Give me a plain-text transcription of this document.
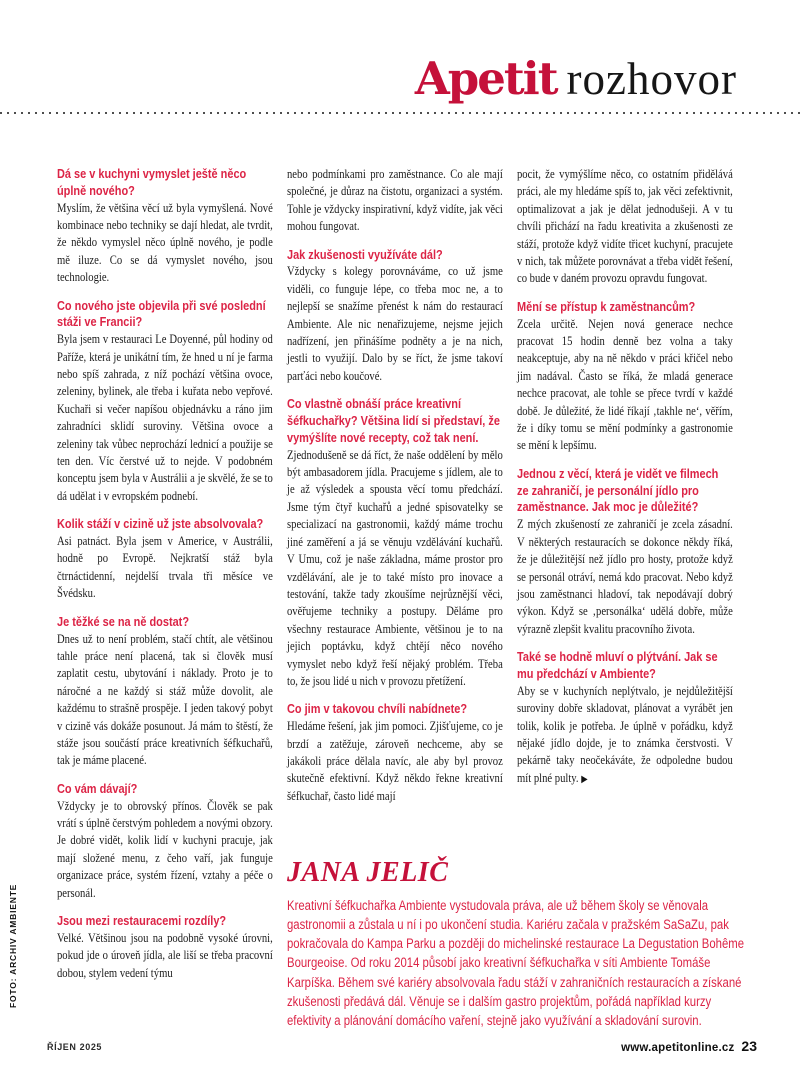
Apetit rozhovor
Dá se v kuchyni vymyslet ještě něco úplně nového?
Myslím, že většina věcí už byla vymyšlená. Nové kombinace nebo techniky se dají hledat, ale tvrdit, že někdo vymyslel něco úplně nového, je podle mě iluze. Co se dá vymyslet nového, jsou technologie.
Co nového jste objevila při své poslední stáži ve Francii?
Byla jsem v restauraci Le Doyenné, půl hodiny od Paříže, která je unikátní tím, že hned u ní je farma nebo spíš zahrada, z níž pochází většina ovoce, zeleniny, bylinek, ale třeba i kuřata nebo vepřové. Kuchaři si večer napíšou objednávku a ráno jim zahradníci sklidí suroviny. Většina ovoce a zeleniny tak vůbec neprochází lednicí a použije se ten den. Víc čerstvé už to nejde. V podobném konceptu jsem byla v Austrálii a je skvělé, že se to dá udělat i v evropském podnebí.
Kolik stáží v cizině už jste absolvovala?
Asi patnáct. Byla jsem v Americe, v Austrálii, hodně po Evropě. Nejkratší stáž byla čtrnáctidenní, nejdelší trvala tři měsíce ve Švédsku.
Je těžké se na ně dostat?
Dnes už to není problém, stačí chtít, ale většinou tahle práce není placená, tak si člověk musí zaplatit cestu, ubytování i náklady. Proto je to náročné a ne každý si stáž může dovolit, ale každému to strašně prospěje. I jeden takový pobyt v cizině vás dokáže posunout. Já mám to štěstí, že stáže jsou součástí práce kreativních šéfkuchařů, tak je máme placené.
Co vám dávají?
Vždycky je to obrovský přínos. Člověk se pak vrátí s úplně čerstvým pohledem a novými obzory. Je dobré vidět, kolik lidí v kuchyni pracuje, jak mají složené menu, z čeho vaří, jak funguje organizace práce, systém řízení, vztahy a péče o personál.
Jsou mezi restauracemi rozdíly?
Velké. Většinou jsou na podobně vysoké úrovni, pokud jde o úroveň jídla, ale liší se třeba pracovní dobou, stylem vedení týmu
nebo podmínkami pro zaměstnance. Co ale mají společné, je důraz na čistotu, organizaci a systém. Tohle je vždycky inspirativní, když vidíte, jak věci mohou fungovat.
Jak zkušenosti využíváte dál?
Vždycky s kolegy porovnáváme, co už jsme viděli, co funguje lépe, co třeba moc ne, a to nejlepší se snažíme přenést k nám do restaurací Ambiente. Ale nic nenařizujeme, nejsme jejich nadřízení, jen přinášíme podněty a je na nich, jestli to využijí. Dalo by se říct, že jsme takoví parťáci nebo koučové.
Co vlastně obnáší práce kreativní šéfkuchařky? Většina lidí si představí, že vymýšlíte nové recepty, což tak není.
Zjednodušeně se dá říct, že naše oddělení by mělo být ambasadorem jídla. Pracujeme s jídlem, ale to je až výsledek a spousta věcí tomu předchází. Jsme tým čtyř kuchařů a jedné spisovatelky se specializací na gastronomii, každý máme trochu jiné zaměření a já se věnuju vzdělávání kuchařů. V Umu, což je naše základna, máme prostor pro vzdělávání, ale je to také místo pro inovace a testování, takže tady zkoušíme nejrůznější věci, ověřujeme techniky a postupy. Děláme pro všechny restaurace Ambiente, většinou je to na jejich poptávku, když chtějí něco nového vymyslet nebo když řeší nějaký problém. Třeba to, že jsou lidé u nich v provozu přetížení.
Co jim v takovou chvíli nabídnete?
Hledáme řešení, jak jim pomoci. Zjišťujeme, co je brzdí a zatěžuje, zároveň nechceme, aby se jakákoli práce dělala navíc, ale aby byl provoz skutečně efektivní. Když někdo řekne kreativní šéfkuchař, často lidé mají
pocit, že vymýšlíme něco, co ostatním přidělává práci, ale my hledáme spíš to, jak věci zefektivnit, optimalizovat a jak je dělat jednodušeji. A v tu chvíli přichází na řadu kreativita a zkušenosti ze stáží, protože když vidíte třicet kuchyní, pracujete v nich, tak můžete porovnávat a třeba vidět řešení, co bude v daném provozu opravdu fungovat.
Mění se přístup k zaměstnancům?
Zcela určitě. Nejen nová generace nechce pracovat 15 hodin denně bez volna a taky neakceptuje, aby na ně někdo v práci křičel nebo jim nadával. Často se říká, že mladá generace nechce pracovat, ale tohle se přece tvrdí v každé době. Je důležité, že lidé říkají ‚takhle ne‘, věřím, že i díky tomu se mění podmínky a gastronomie se mění k lepšímu.
Jednou z věcí, která je vidět ve filmech ze zahraničí, je personální jídlo pro zaměstnance. Jak moc je důležité?
Z mých zkušeností ze zahraničí je zcela zásadní. V některých restauracích se dokonce někdy říká, že je důležitější než jídlo pro hosty, protože když se personál otráví, nemá kdo pracovat. Nebo když jsou zaměstnanci hladoví, tak nepodávají dobrý výkon. Když se ‚personálka‘ udělá dobře, může výrazně zlepšit kvalitu pracovního života.
Také se hodně mluví o plýtvání. Jak se mu předchází v Ambiente?
Aby se v kuchyních neplýtvalo, je nejdůležitější suroviny dobře skladovat, plánovat a vyrábět jen tolik, kolik je potřeba. Je úplně v pořádku, když nějaké jídlo dojde, je to známka čerstvosti. V pekárně taky neočekáváte, že odpoledne budou mít plné pulty. ▶
JANA JELIČ
Kreativní šéfkuchařka Ambiente vystudovala práva, ale už během školy se věnovala gastronomii a zůstala u ní i po ukončení studia. Kariéru začala v pražském SaSaZu, pak pokračovala do Kampa Parku a později do michelinské restaurace La Degustation Bohême Bourgeoise. Od roku 2014 působí jako kreativní šéfkuchařka v síti Ambiente Tomáše Karpíška. Během své kariéry absolvovala řadu stáží v zahraničních restauracích a získané zkušenosti předává dál. Věnuje se i dalším gastro projektům, pořádá například kurzy efektivity a plánování domácího vaření, stejně jako využívání a skladování surovin.
FOTO: ARCHIV AMBIENTE
ŘÍJEN 2025	www.apetitonline.cz 23
